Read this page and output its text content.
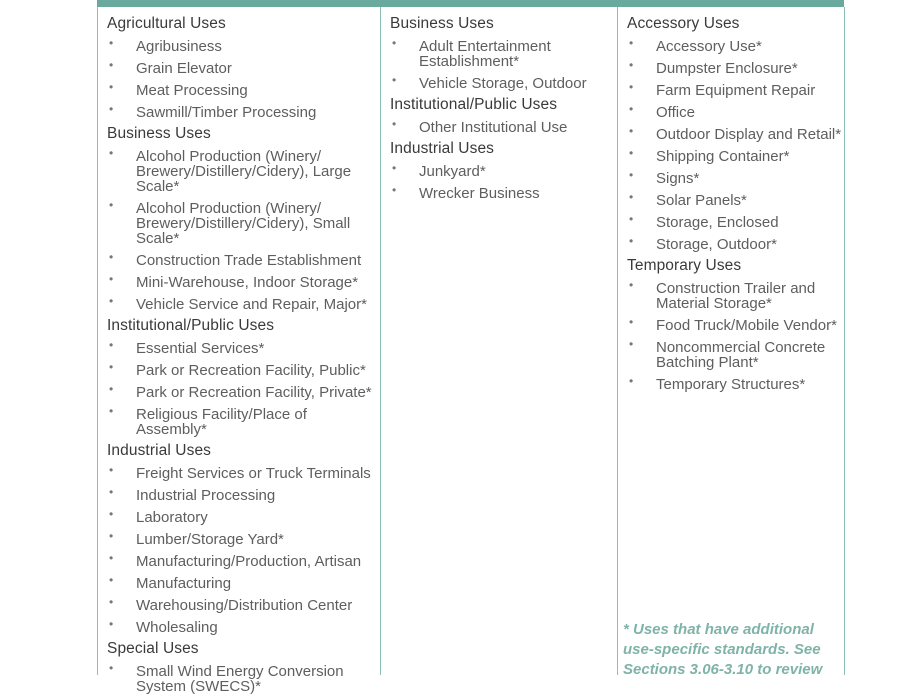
Agricultural Uses
• Agribusiness
• Grain Elevator
• Meat Processing
• Sawmill/Timber Processing
Business Uses
• Alcohol Production (Winery/ Brewery/Distillery/Cidery), Large Scale*
• Alcohol Production (Winery/ Brewery/Distillery/Cidery), Small Scale*
• Construction Trade Establishment
• Mini-Warehouse, Indoor Storage*
• Vehicle Service and Repair, Major*
Institutional/Public Uses
• Essential Services*
• Park or Recreation Facility, Public*
• Park or Recreation Facility, Private*
• Religious Facility/Place of Assembly*
Industrial Uses
• Freight Services or Truck Terminals
• Industrial Processing
• Laboratory
• Lumber/Storage Yard*
• Manufacturing/Production, Artisan
• Manufacturing
• Warehousing/Distribution Center
• Wholesaling
Special Uses
• Small Wind Energy Conversion System (SWECS)*
Business Uses
• Adult Entertainment Establishment*
• Vehicle Storage, Outdoor
Institutional/Public Uses
• Other Institutional Use
Industrial Uses
• Junkyard*
• Wrecker Business
Accessory Uses
• Accessory Use*
• Dumpster Enclosure*
• Farm Equipment Repair
• Office
• Outdoor Display and Retail*
• Shipping Container*
• Signs*
• Solar Panels*
• Storage, Enclosed
• Storage, Outdoor*
Temporary Uses
• Construction Trailer and Material Storage*
• Food Truck/Mobile Vendor*
• Noncommercial Concrete Batching Plant*
• Temporary Structures*
* Uses that have additional use-specific standards. See Sections 3.06-3.10 to review
